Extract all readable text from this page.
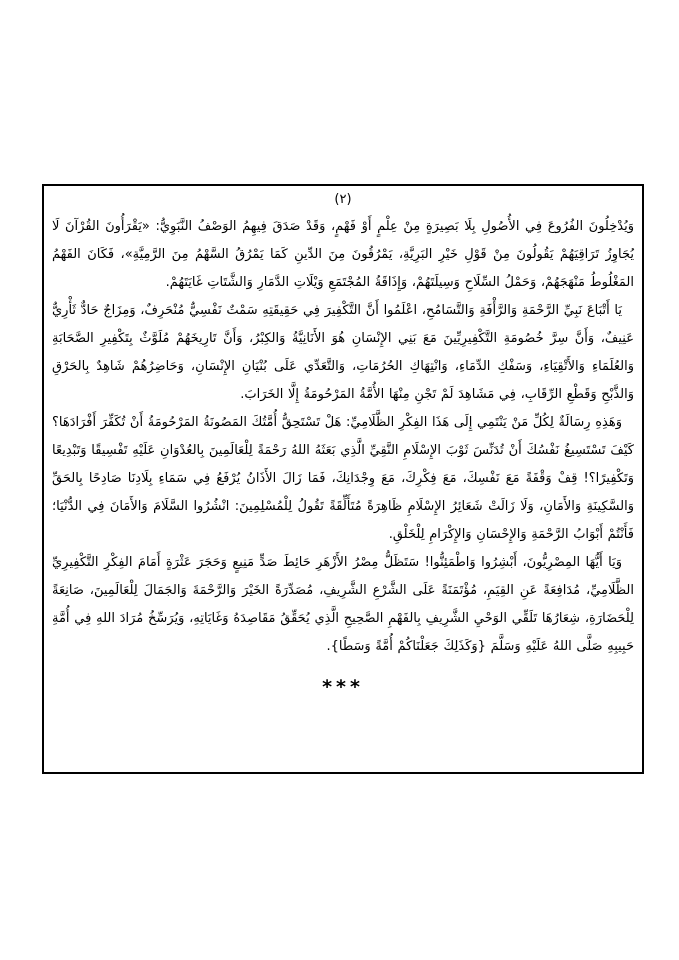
(٢)

وَيُدْخِلُونَ الفُرُوعَ فِي الأُصُولِ بِلَا بَصِيرَةٍ مِنْ عِلْمٍ أَوْ فَهْمٍ، وَقَدْ صَدَقَ فِيهِمُ الوَصْفُ النَّبَوِيُّ: «يَقْرَأُونَ القُرْآنَ لَا يُجَاوِزُ تَرَاقِيَهُمْ يَقُولُونَ مِنْ قَوْلِ خَيْرِ البَرِيَّةِ، يَمْرُقُونَ مِنَ الدِّينِ كَمَا يَمْرُقُ السَّهْمُ مِنَ الرَّمِيَّةِ»، فَكَانَ الفَهْمُ المَغْلُوطُ مَنْهَجَهُمْ، وَحَمْلُ السِّلَاحِ وَسِيلَتَهُمْ، وَإِذَاقَةُ المُجْتَمَعِ وَيْلَاتِ الدَّمَارِ وَالشَّتَاتِ غَايَتَهُمْ.

يَا أَتْبَاعَ نَبِيِّ الرَّحْمَةِ وَالرَّأْفَةِ وَالتَّسَامُحِ، اعْلَمُوا أَنَّ التَّكْفِيرَ فِي حَقِيقَتِهِ سَمْتٌ نَفْسِيٌّ مُنْحَرِفٌ، وَمِزَاجٌ حَادٌّ ثَأْرِيٌّ عَنِيفٌ، وَأَنَّ سِرَّ خُصُومَةِ التَّكْفِيرِيِّينَ مَعَ بَنِي الإِنْسَانِ هُوَ الأَنَانِيَّةُ وَالكِبْرُ، وَأَنَّ تَارِيخَهُمْ مُلَوَّثٌ بِتَكْفِيرِ الصَّحَابَةِ وَالعُلَمَاءِ وَالأَتْقِيَاءِ، وَسَفْكِ الدِّمَاءِ، وَانْتِهَاكِ الحُرُمَاتِ، وَالتَّعَدِّي عَلَى بُنْيَانِ الإِنْسَانِ، وَحَاضِرُهُمْ شَاهِدٌ بِالحَرْقِ وَالذَّبْحِ وَقَطْعِ الرِّقَابِ، فِي مَشَاهِدَ لَمْ تَجْنِ مِنْهَا الأُمَّةُ المَرْحُومَةُ إِلَّا الخَرَابَ.

وَهَذِهِ رِسَالَةٌ لِكُلِّ مَنْ يَنْتَمِي إِلَى هَذَا الفِكْرِ الظَّلَامِيِّ: هَلْ تَسْتَحِقُّ أُمَّتُكَ المَصُونَةُ المَرْحُومَةُ أَنْ تُكَفِّرَ أَفْرَادَهَا؟ كَيْفَ تَسْتَسِيغُ نَفْسُكَ أَنْ تُدَنِّسَ ثَوْبَ الإِسْلَامِ النَّقِيِّ الَّذِي بَعَثَهُ اللهُ رَحْمَةً لِلْعَالَمِينَ بِالعُدْوَانِ عَلَيْهِ تَفْسِيقًا وَتَبْدِيعًا وَتَكْفِيرًا؟! قِفْ وَقْفَةً مَعَ نَفْسِكَ، مَعَ فِكْرِكَ، مَعَ وِجْدَانِكَ، فَمَا زَالَ الأَذَانُ يُرْفَعُ فِي سَمَاءِ بِلَادِنَا صَادِحًا بِالحَقِّ وَالسَّكِينَةِ وَالأَمَانِ، وَلَا زَالَتْ شَعَائِرُ الإِسْلَامِ ظَاهِرَةً مُتَأَلِّقَةً تَقُولُ لِلْمُسْلِمِينَ: انْشُرُوا السَّلَامَ وَالأَمَانَ فِي الدُّنْيَا؛ فَأَنْتُمْ أَبْوَابُ الرَّحْمَةِ وَالإِحْسَانِ وَالإِكْرَامِ لِلْخَلْقِ.

وَيَا أَيُّهَا المِصْرِيُّونَ، أَبْشِرُوا وَاطْمَئِنُّوا! سَتَظَلُّ مِصْرُ الأَزْهَرِ حَائِطَ صَدٍّ مَنِيعٍ وَحَجَرَ عَثْرَةٍ أَمَامَ الفِكْرِ التَّكْفِيرِيِّ الظَّلَامِيِّ، مُدَافِعَةً عَنِ القِيَمِ، مُؤْتَمَنَةً عَلَى الشَّرْعِ الشَّرِيفِ، مُصَدِّرَةً الخَيْرَ وَالرَّحْمَةَ وَالجَمَالَ لِلْعَالَمِينَ، صَانِعَةً لِلْحَضَارَةِ، شِعَارُهَا تَلَقِّي الوَحْيِ الشَّرِيفِ بِالفَهْمِ الصَّحِيحِ الَّذِي يُحَقِّقُ مَقَاصِدَهُ وَغَايَاتِهِ، وَيُرَسِّخُ مُرَادَ اللهِ فِي أُمَّةِ حَبِيبِهِ صَلَّى اللهُ عَلَيْهِ وَسَلَّمَ {وَكَذَلِكَ جَعَلْنَاكُمْ أُمَّةً وَسَطًا}.

***
